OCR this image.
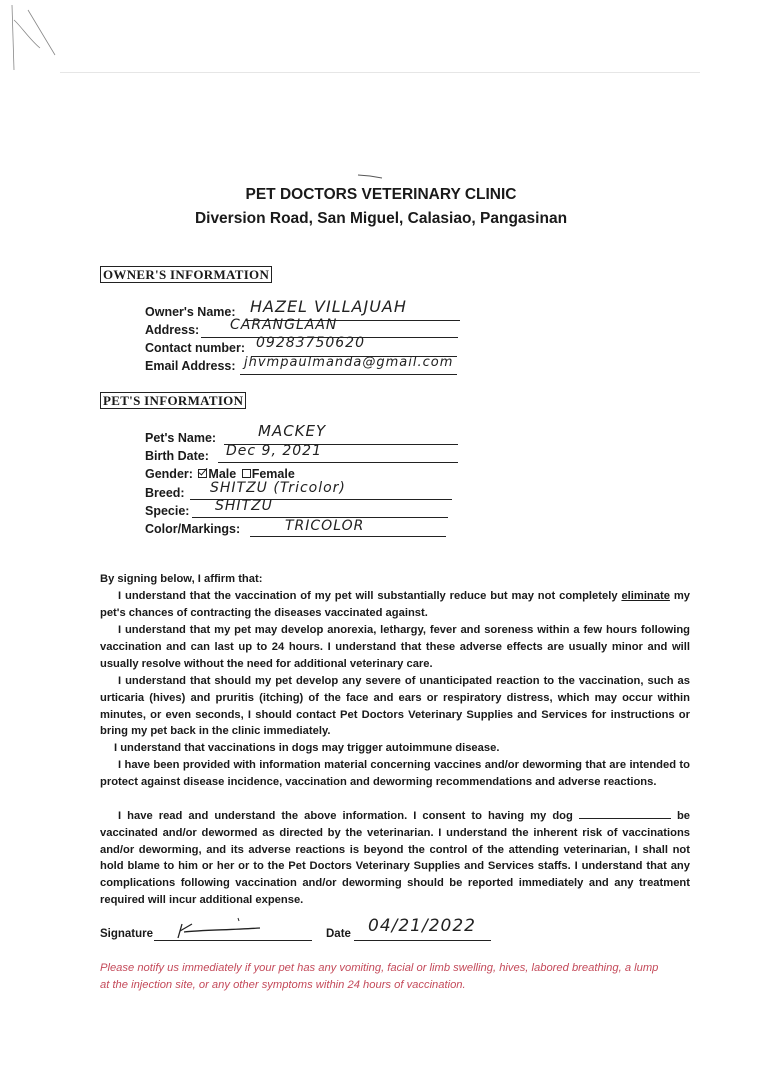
PET DOCTORS VETERINARY CLINIC
Diversion Road, San Miguel, Calasiao, Pangasinan
OWNER'S INFORMATION
Owner's Name: HAZEL VILLAJUAH
Address: CARANGLAAN
Contact number: 09283750620
Email Address: jhvmpaulmanda@gmail.com
PET'S INFORMATION
Pet's Name:	MACKEY
Birth Date: Dec 9, 2021
Gender: Male Female
Breed: SHITZU (Tricolor)
Specie: SHITZU
Color/Markings:	TRICOLOR
By signing below, I affirm that:
I understand that the vaccination of my pet will substantially reduce but may not completely eliminate my pet's chances of contracting the diseases vaccinated against.
I understand that my pet may develop anorexia, lethargy, fever and soreness within a few hours following vaccination and can last up to 24 hours. I understand that these adverse effects are usually minor and will usually resolve without the need for additional veterinary care.
I understand that should my pet develop any severe of unanticipated reaction to the vaccination, such as urticaria (hives) and pruritis (itching) of the face and ears or respiratory distress, which may occur within minutes, or even seconds, I should contact Pet Doctors Veterinary Supplies and Services for instructions or bring my pet back in the clinic immediately.
I understand that vaccinations in dogs may trigger autoimmune disease.
I have been provided with information material concerning vaccines and/or deworming that are intended to protect against disease incidence, vaccination and deworming recommendations and adverse reactions.
I have read and understand the above information. I consent to having my dog	be vaccinated and/or dewormed as directed by the veterinarian. I understand the inherent risk of vaccinations and/or deworming, and its adverse reactions is beyond the control of the attending veterinarian, I shall not hold blame to him or her or to the Pet Doctors Veterinary Supplies and Services staffs. I understand that any complications following vaccination and/or deworming should be reported immediately and any treatment required will incur additional expense.
Signature	Date 04/21/2022
Please notify us immediately if your pet has any vomiting, facial or limb swelling, hives, labored breathing, a lump at the injection site, or any other symptoms within 24 hours of vaccination.
